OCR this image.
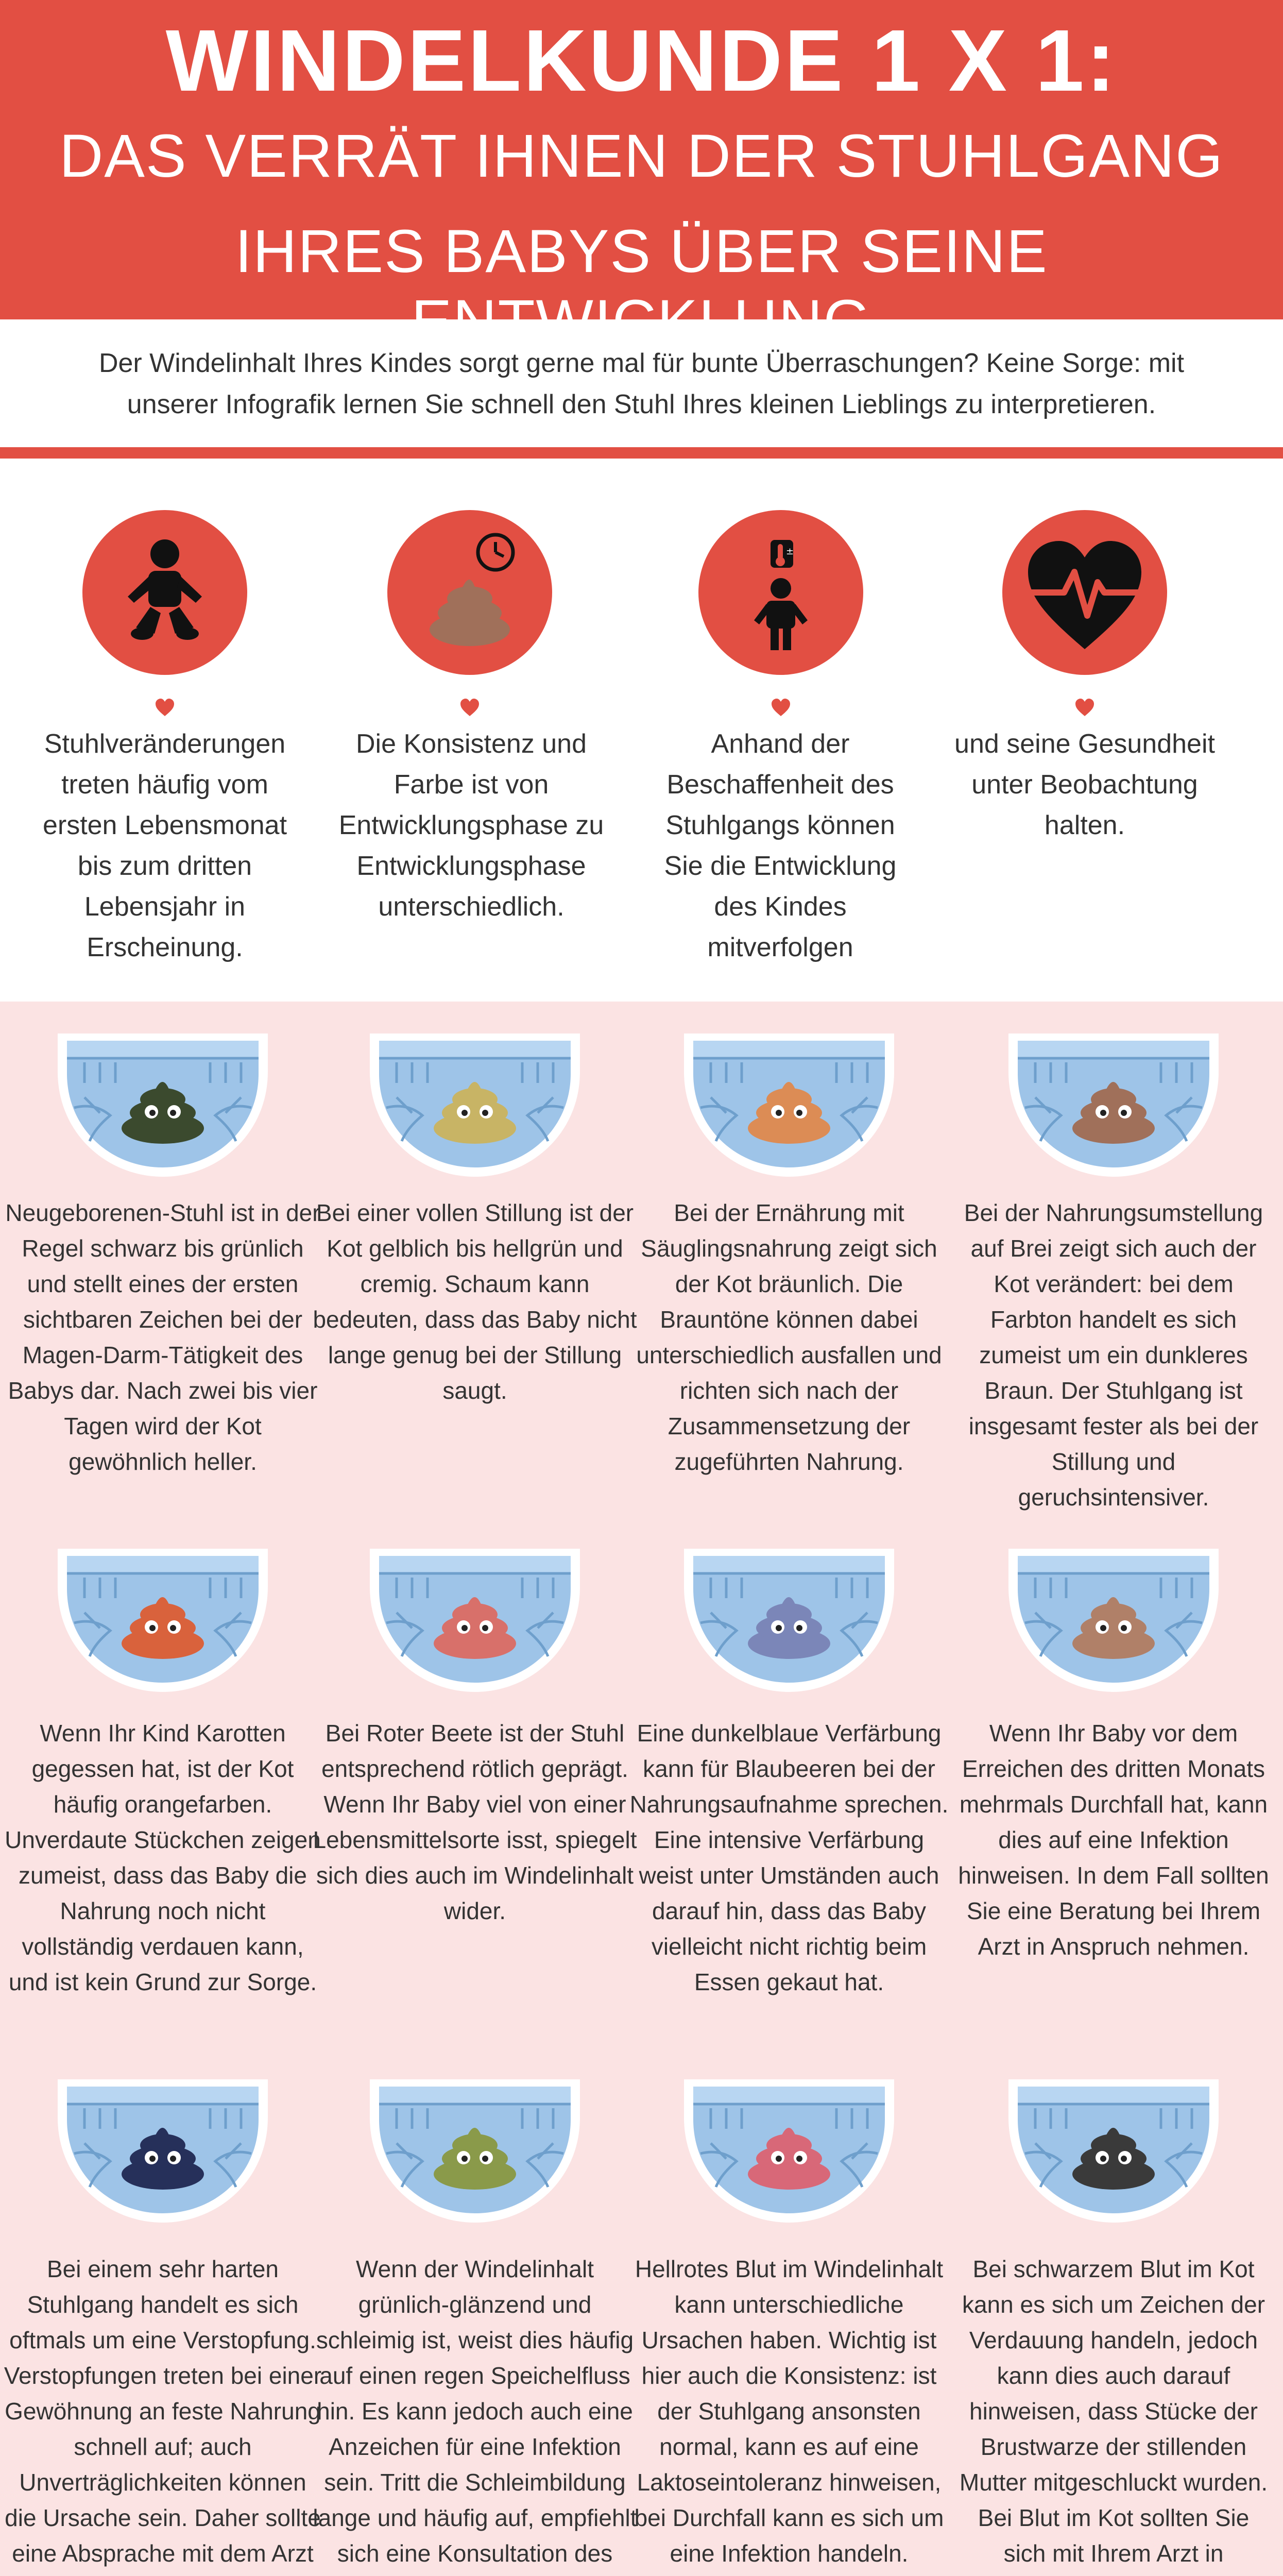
WINDELKUNDE 1 X 1:
DAS VERRÄT IHNEN DER STUHLGANG
IHRES BABYS ÜBER SEINE ENTWICKLUNG
Der Windelinhalt Ihres Kindes sorgt gerne mal für bunte Überraschungen? Keine Sorge: mit unserer Infografik lernen Sie schnell den Stuhl Ihres kleinen Lieblings zu interpretieren.
±
Stuhlveränderungen treten häufig vom ersten Lebensmonat bis zum dritten Lebensjahr in Erscheinung.
Die Konsistenz und Farbe ist von Entwicklungsphase zu Entwicklungsphase unterschiedlich.
Anhand der Beschaffenheit des Stuhlgangs können Sie die Entwicklung des Kindes mitverfolgen
und seine Gesundheit unter Beobachtung halten.
Neugeborenen-Stuhl ist in der Regel schwarz bis grünlich und stellt eines der ersten sichtbaren Zeichen bei der Magen-Darm-Tätigkeit des Babys dar. Nach zwei bis vier Tagen wird der Kot gewöhnlich heller.
Bei einer vollen Stillung ist der Kot gelblich bis hellgrün und cremig. Schaum kann bedeuten, dass das Baby nicht lange genug bei der Stillung saugt.
Bei der Ernährung mit Säuglingsnahrung zeigt sich der Kot bräunlich. Die Brauntöne können dabei unterschiedlich ausfallen und richten sich nach der Zusammensetzung der zugeführten Nahrung.
Bei der Nahrungsumstellung auf Brei zeigt sich auch der Kot verändert: bei dem Farbton handelt es sich zumeist um ein dunkleres Braun. Der Stuhlgang ist insgesamt fester als bei der Stillung und geruchsintensiver.
Wenn Ihr Kind Karotten gegessen hat, ist der Kot häufig orangefarben. Unverdaute Stückchen zeigen zumeist, dass das Baby die Nahrung noch nicht vollständig verdauen kann, und ist kein Grund zur Sorge.
Bei Roter Beete ist der Stuhl entsprechend rötlich geprägt. Wenn Ihr Baby viel von einer Lebensmittelsorte isst, spiegelt sich dies auch im Windelinhalt wider.
Eine dunkelblaue Verfärbung kann für Blaubeeren bei der Nahrungsaufnahme sprechen. Eine intensive Verfärbung weist unter Umständen auch darauf hin, dass das Baby vielleicht nicht richtig beim Essen gekaut hat.
Wenn Ihr Baby vor dem Erreichen des dritten Monats mehrmals Durchfall hat, kann dies auf eine Infektion hinweisen. In dem Fall sollten Sie eine Beratung bei Ihrem Arzt in Anspruch nehmen.
Bei einem sehr harten Stuhlgang handelt es sich oftmals um eine Verstopfung. Verstopfungen treten bei einer Gewöhnung an feste Nahrung schnell auf; auch Unverträglichkeiten können die Ursache sein. Daher sollte eine Absprache mit dem Arzt
Wenn der Windelinhalt grünlich-glänzend und schleimig ist, weist dies häufig auf einen regen Speichelfluss hin. Es kann jedoch auch eine Anzeichen für eine Infektion sein. Tritt die Schleimbildung lange und häufig auf, empfiehlt sich eine Konsultation des
Hellrotes Blut im Windelinhalt kann unterschiedliche Ursachen haben. Wichtig ist hier auch die Konsistenz: ist der Stuhlgang ansonsten normal, kann es auf eine Laktoseintoleranz hinweisen, bei Durchfall kann es sich um eine Infektion handeln.
Bei schwarzem Blut im Kot kann es sich um Zeichen der Verdauung handeln, jedoch kann dies auch darauf hinweisen, dass Stücke der Brustwarze der stillenden Mutter mitgeschluckt wurden. Bei Blut im Kot sollten Sie sich mit Ihrem Arzt in
